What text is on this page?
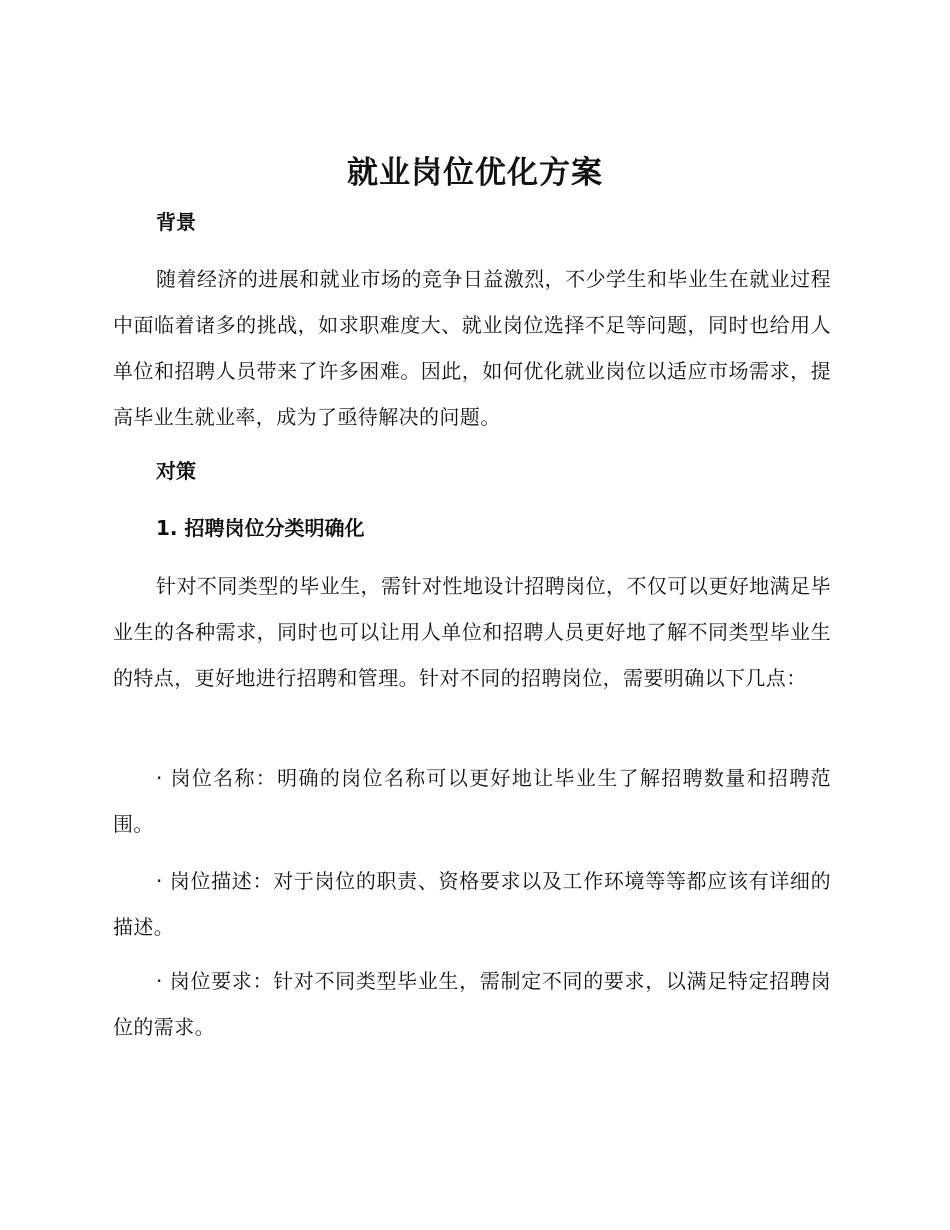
就业岗位优化方案
背景

随着经济的进展和就业市场的竞争日益激烈，不少学生和毕业生在就业过程中面临着诸多的挑战，如求职难度大、就业岗位选择不足等问题，同时也给用人单位和招聘人员带来了许多困难。因此，如何优化就业岗位以适应市场需求，提高毕业生就业率，成为了亟待解决的问题。

对策
1. 招聘岗位分类明确化

针对不同类型的毕业生，需针对性地设计招聘岗位，不仅可以更好地满足毕业生的各种需求，同时也可以让用人单位和招聘人员更好地了解不同类型毕业生的特点，更好地进行招聘和管理。针对不同的招聘岗位，需要明确以下几点：

· 岗位名称：明确的岗位名称可以更好地让毕业生了解招聘数量和招聘范围。

· 岗位描述：对于岗位的职责、资格要求以及工作环境等等都应该有详细的描述。

· 岗位要求：针对不同类型毕业生，需制定不同的要求，以满足特定招聘岗位的需求。
